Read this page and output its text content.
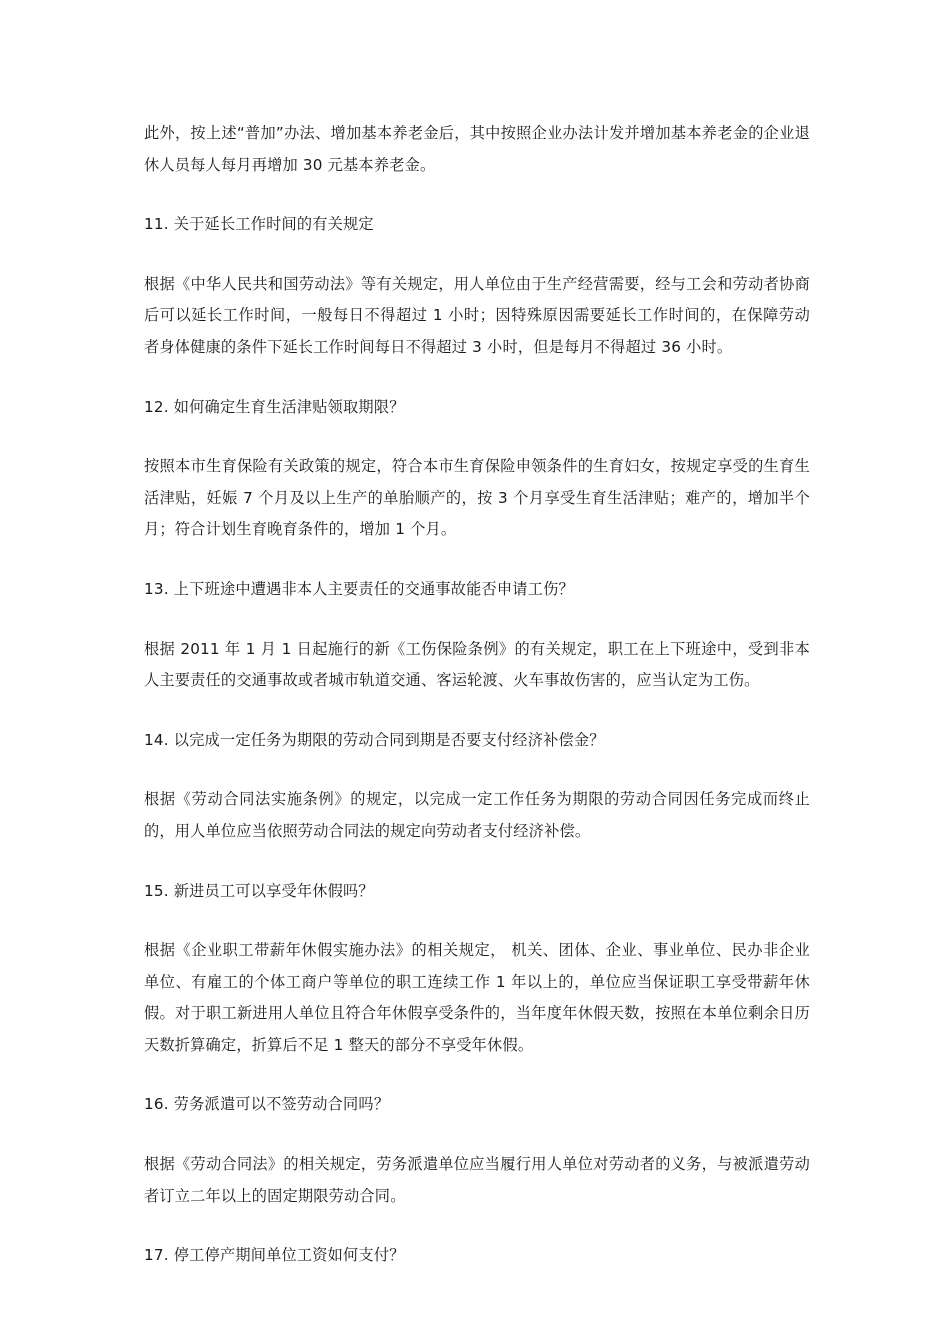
此外，按上述“普加”办法、增加基本养老金后，其中按照企业办法计发并增加基本养老金的企业退休人员每人每月再增加 30 元基本养老金。

11. 关于延长工作时间的有关规定

根据《中华人民共和国劳动法》等有关规定，用人单位由于生产经营需要，经与工会和劳动者协商后可以延长工作时间，一般每日不得超过 1 小时；因特殊原因需要延长工作时间的，在保障劳动者身体健康的条件下延长工作时间每日不得超过 3 小时，但是每月不得超过 36 小时。

12. 如何确定生育生活津贴领取期限？

按照本市生育保险有关政策的规定，符合本市生育保险申领条件的生育妇女，按规定享受的生育生活津贴，妊娠 7 个月及以上生产的单胎顺产的，按 3 个月享受生育生活津贴；难产的，增加半个月；符合计划生育晚育条件的，增加 1 个月。

13. 上下班途中遭遇非本人主要责任的交通事故能否申请工伤？

根据 2011 年 1 月 1 日起施行的新《工伤保险条例》的有关规定，职工在上下班途中，受到非本人主要责任的交通事故或者城市轨道交通、客运轮渡、火车事故伤害的，应当认定为工伤。

14. 以完成一定任务为期限的劳动合同到期是否要支付经济补偿金？

根据《劳动合同法实施条例》的规定，以完成一定工作任务为期限的劳动合同因任务完成而终止的，用人单位应当依照劳动合同法的规定向劳动者支付经济补偿。

15. 新进员工可以享受年休假吗？

根据《企业职工带薪年休假实施办法》的相关规定， 机关、团体、企业、事业单位、民办非企业单位、有雇工的个体工商户等单位的职工连续工作 1 年以上的，单位应当保证职工享受带薪年休假。对于职工新进用人单位且符合年休假享受条件的，当年度年休假天数，按照在本单位剩余日历天数折算确定，折算后不足 1 整天的部分不享受年休假。

16. 劳务派遣可以不签劳动合同吗？

根据《劳动合同法》的相关规定，劳务派遣单位应当履行用人单位对劳动者的义务，与被派遣劳动者订立二年以上的固定期限劳动合同。

17. 停工停产期间单位工资如何支付？
